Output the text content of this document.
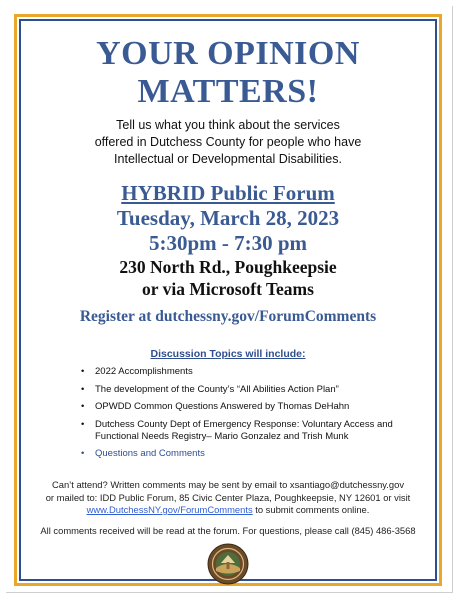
YOUR OPINION
MATTERS!
Tell us what you think about the services
offered in Dutchess County for people who have
Intellectual or Developmental Disabilities.
HYBRID Public Forum
Tuesday, March 28, 2023
5:30pm - 7:30 pm
230 North Rd., Poughkeepsie
or via Microsoft Teams
Register at dutchessny.gov/ForumComments
Discussion Topics will include:
• 2022 Accomplishments
• The development of the County’s “All Abilities Action Plan”
• OPWDD Common Questions Answered by Thomas DeHahn
• Dutchess County Dept of Emergency Response: Voluntary Access and
Functional Needs Registry– Mario Gonzalez and Trish Munk
• Questions and Comments
Can’t attend? Written comments may be sent by email to xsantiago@dutchessny.gov
or mailed to: IDD Public Forum, 85 Civic Center Plaza, Poughkeepsie, NY 12601 or visit
www.DutchessNY.gov/ForumComments to submit comments online.
All comments received will be read at the forum. For questions, please call (845) 486-3568
